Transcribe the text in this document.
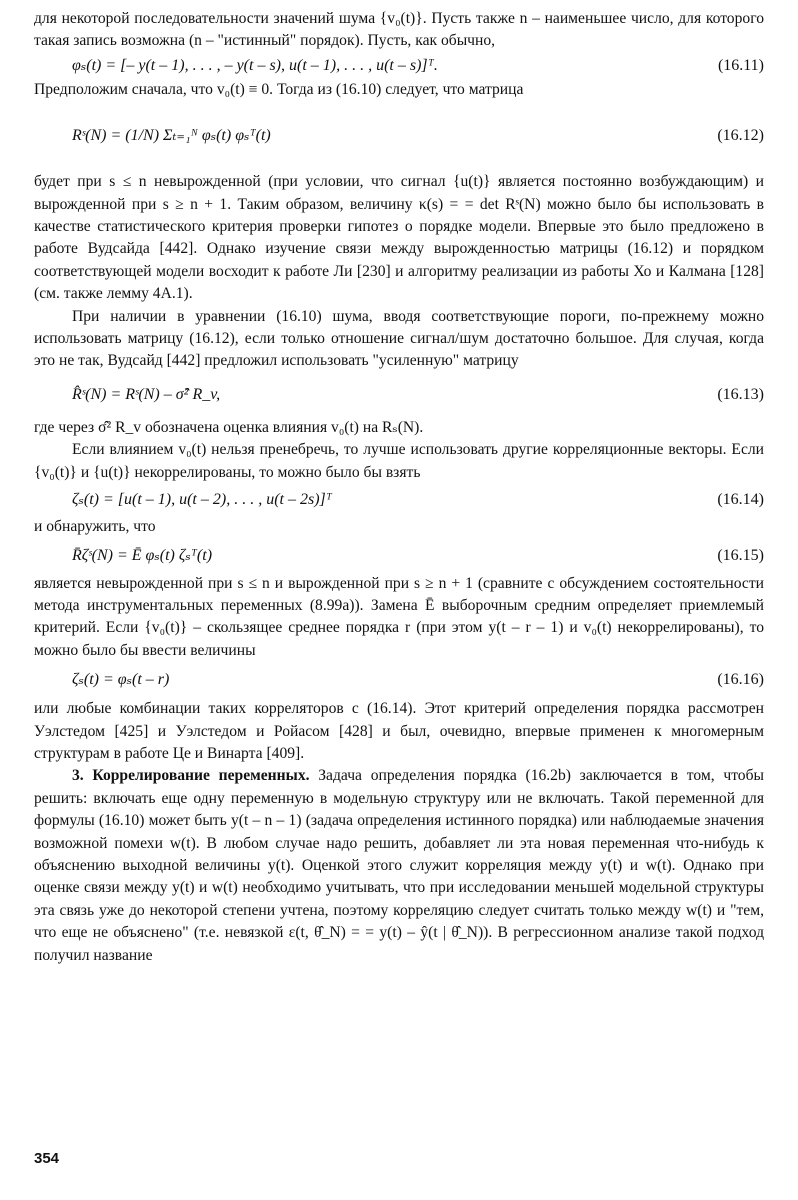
для некоторой последовательности значений шума {v₀(t)}. Пусть также n – наименьшее число, для которого такая запись возможна (n – "истинный" порядок). Пусть, как обычно,

φₛ(t) = [– y(t – 1), . . . , – y(t – s), u(t – 1), . . . , u(t – s)]ᵀ.	(16.11)

Предположим сначала, что v₀(t) ≡ 0. Тогда из (16.10) следует, что матрица

Rˢ(N) = (1/N) Σₜ₌₁ᴺ φₛ(t) φₛᵀ(t)	(16.12)

будет при s ≤ n невырожденной (при условии, что сигнал {u(t)} является постоянно возбуждающим) и вырожденной при s ≥ n + 1. Таким образом, величину κ(s) = = det Rˢ(N) можно было бы использовать в качестве статистического критерия проверки гипотез о порядке модели. Впервые это было предложено в работе Вудсайда [442]. Однако изучение связи между вырожденностью матрицы (16.12) и порядком соответствующей модели восходит к работе Ли [230] и алгоритму реализации из работы Хо и Калмана [128] (см. также лемму 4А.1).

При наличии в уравнении (16.10) шума, вводя соответствующие пороги, по-прежнему можно использовать матрицу (16.12), если только отношение сигнал/шум достаточно большое. Для случая, когда это не так, Вудсайд [442] предложил использовать "усиленную" матрицу

R̂ˢ(N) = Rˢ(N) – σ̂² R_v,	(16.13)

где через σ̂² R_v обозначена оценка влияния v₀(t) на Rₛ(N).

Если влиянием v₀(t) нельзя пренебречь, то лучше использовать другие корреляционные векторы. Если {v₀(t)} и {u(t)} некоррелированы, то можно было бы взять

ζₛ(t) = [u(t – 1), u(t – 2), . . . , u(t – 2s)]ᵀ	(16.14)

и обнаружить, что

R̄ζˢ(N) = Ē φₛ(t) ζₛᵀ(t)	(16.15)

является невырожденной при s ≤ n и вырожденной при s ≥ n + 1 (сравните с обсуждением состоятельности метода инструментальных переменных (8.99a)). Замена Ē выборочным средним определяет приемлемый критерий. Если {v₀(t)} – скользящее среднее порядка r (при этом y(t – r – 1) и v₀(t) некоррелированы), то можно было бы ввести величины

ζₛ(t) = φₛ(t – r)	(16.16)

или любые комбинации таких корреляторов с (16.14). Этот критерий определения порядка рассмотрен Уэлстедом [425] и Уэлстедом и Ройасом [428] и был, очевидно, впервые применен к многомерным структурам в работе Це и Винарта [409].

3. Коррелирование переменных. Задача определения порядка (16.2b) заключается в том, чтобы решить: включать еще одну переменную в модельную структуру или не включать. Такой переменной для формулы (16.10) может быть y(t – n – 1) (задача определения истинного порядка) или наблюдаемые значения возможной помехи w(t). В любом случае надо решить, добавляет ли эта новая переменная что-нибудь к объяснению выходной величины y(t). Оценкой этого служит корреляция между y(t) и w(t). Однако при оценке связи между y(t) и w(t) необходимо учитывать, что при исследовании меньшей модельной структуры эта связь уже до некоторой степени учтена, поэтому корреляцию следует считать только между w(t) и "тем, что еще не объяснено" (т.е. невязкой ε(t, θ̂_N) = = y(t) – ŷ(t | θ̂_N)). В регрессионном анализе такой подход получил название

354
